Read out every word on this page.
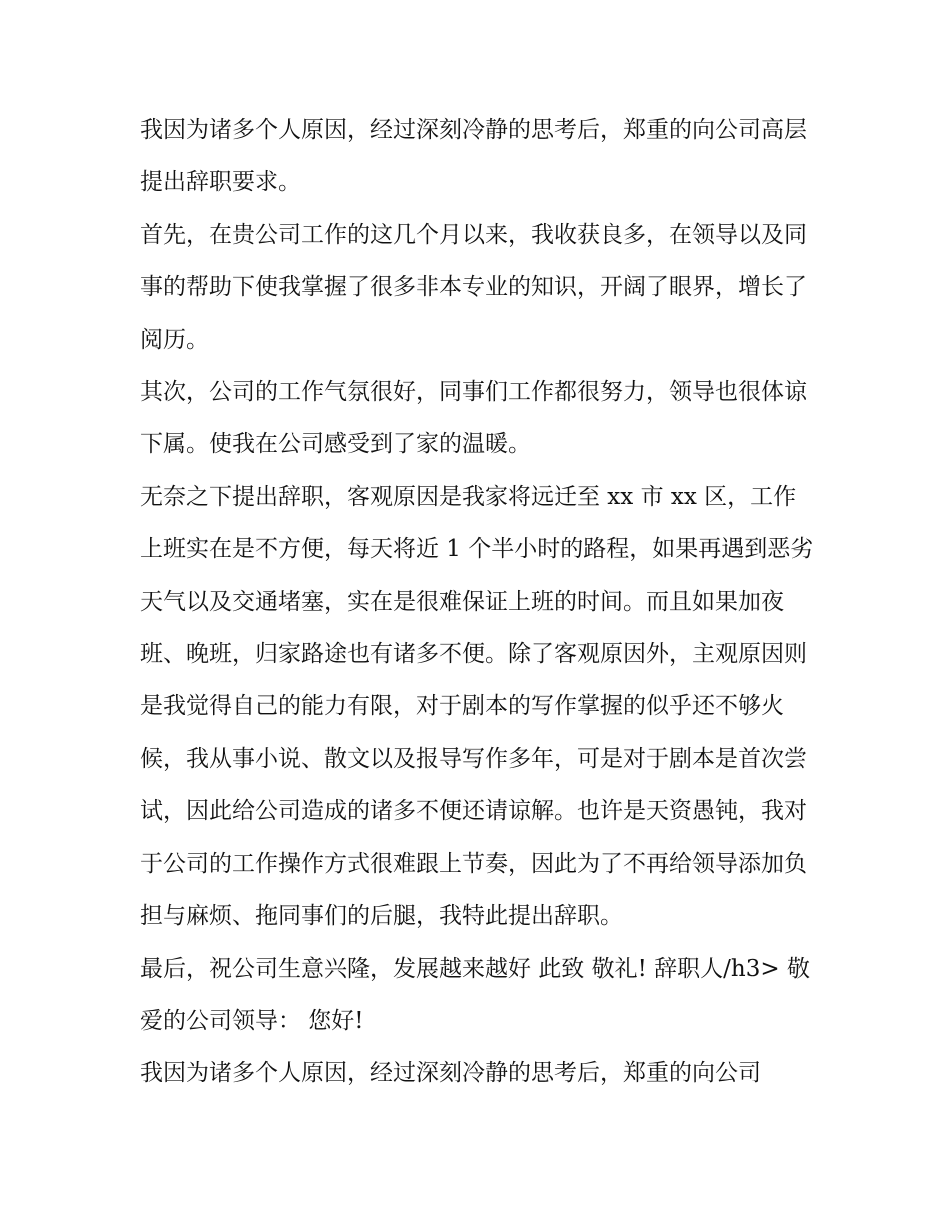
我因为诸多个人原因，经过深刻冷静的思考后，郑重的向公司高层提出辞职要求。

首先，在贵公司工作的这几个月以来，我收获良多，在领导以及同事的帮助下使我掌握了很多非本专业的知识，开阔了眼界，增长了阅历。

其次，公司的工作气氛很好，同事们工作都很努力，领导也很体谅下属。使我在公司感受到了家的温暖。

无奈之下提出辞职，客观原因是我家将远迁至 xx 市 xx 区，工作上班实在是不方便，每天将近 1 个半小时的路程，如果再遇到恶劣天气以及交通堵塞，实在是很难保证上班的时间。而且如果加夜班、晚班，归家路途也有诸多不便。除了客观原因外，主观原因则是我觉得自己的能力有限，对于剧本的写作掌握的似乎还不够火候，我从事小说、散文以及报导写作多年，可是对于剧本是首次尝试，因此给公司造成的诸多不便还请谅解。也许是天资愚钝，我对于公司的工作操作方式很难跟上节奏，因此为了不再给领导添加负担与麻烦、拖同事们的后腿，我特此提出辞职。

最后，祝公司生意兴隆，发展越来越好 此致 敬礼! 辞职人/h3> 敬爱的公司领导： 您好!

我因为诸多个人原因，经过深刻冷静的思考后，郑重的向公司
